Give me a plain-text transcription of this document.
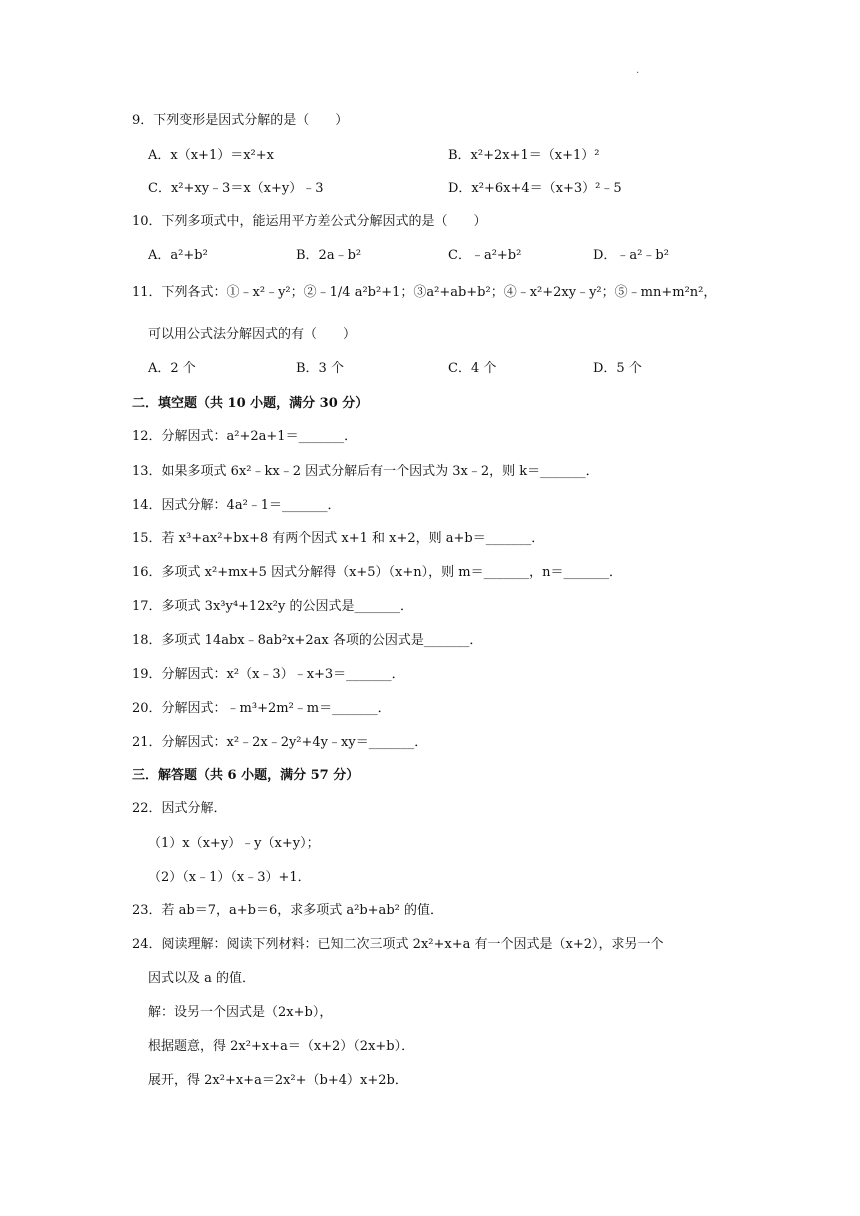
·
9．下列变形是因式分解的是（　　）
A．x（x+1）＝x²+x	B．x²+2x+1＝（x+1）²
C．x²+xy﹣3＝x（x+y）﹣3	D．x²+6x+4＝（x+3）²﹣5
10．下列多项式中，能运用平方差公式分解因式的是（　　）
A．a²+b²	B．2a﹣b²	C．﹣a²+b²	D．﹣a²﹣b²
11．下列各式：①﹣x²﹣y²；②﹣1/4 a²b²+1；③a²+ab+b²；④﹣x²+2xy﹣y²；⑤﹣mn+m²n²，
可以用公式法分解因式的有（　　）
A．2 个	B．3 个	C．4 个	D．5 个
二．填空题（共 10 小题，满分 30 分）
12．分解因式：a²+2a+1＝_______．
13．如果多项式 6x²﹣kx﹣2 因式分解后有一个因式为 3x﹣2，则 k＝_______．
14．因式分解：4a²﹣1＝_______．
15．若 x³+ax²+bx+8 有两个因式 x+1 和 x+2，则 a+b＝_______．
16．多项式 x²+mx+5 因式分解得（x+5）（x+n），则 m＝_______，n＝_______．
17．多项式 3x³y⁴+12x²y 的公因式是_______．
18．多项式 14abx﹣8ab²x+2ax 各项的公因式是_______．
19．分解因式：x²（x﹣3）﹣x+3＝_______．
20．分解因式：﹣m³+2m²﹣m＝_______．
21．分解因式：x²﹣2x﹣2y²+4y﹣xy＝_______．
三．解答题（共 6 小题，满分 57 分）
22．因式分解．
（1）x（x+y）﹣y（x+y）；
（2）（x﹣1）（x﹣3）+1．
23．若 ab＝7，a+b＝6，求多项式 a²b+ab² 的值．
24．阅读理解：阅读下列材料：已知二次三项式 2x²+x+a 有一个因式是（x+2），求另一个
因式以及 a 的值．
解：设另一个因式是（2x+b），
根据题意，得 2x²+x+a＝（x+2）（2x+b）．
展开，得 2x²+x+a＝2x²+（b+4）x+2b．
